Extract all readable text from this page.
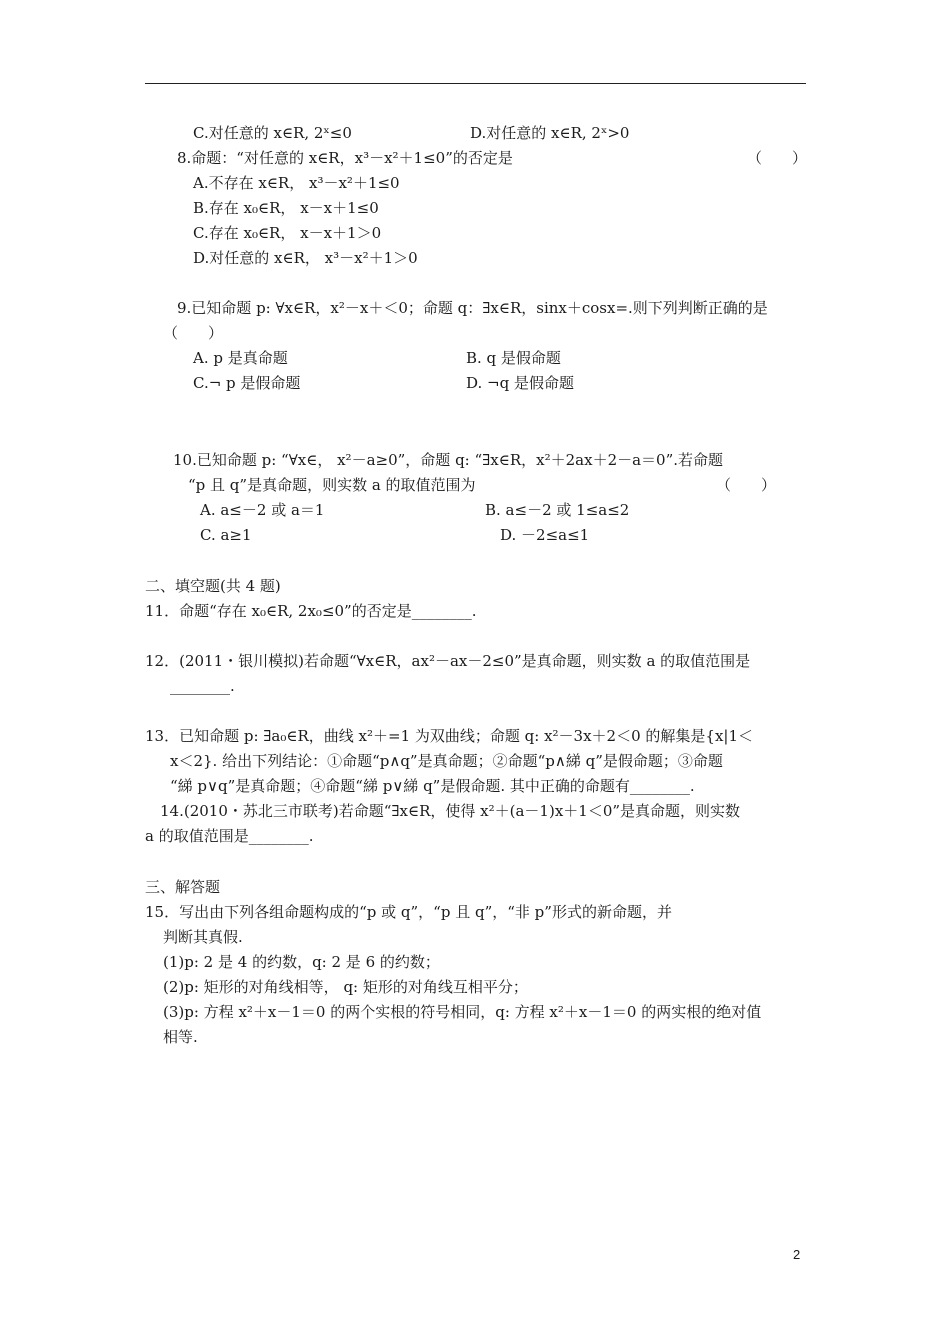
C.对任意的 x∈R, 2ˣ≤0	D.对任意的 x∈R, 2ˣ>0
8.命题：“对任意的 x∈R，x³－x²＋1≤0”的否定是	（　　）
A.不存在 x∈R， x³－x²＋1≤0
B.存在 x₀∈R， x－x＋1≤0
C.存在 x₀∈R， x－x＋1＞0
D.对任意的 x∈R， x³－x²＋1＞0
9.已知命题 p: ∀x∈R，x²－x＋＜0；命题 q：∃x∈R，sinx＋cosx=.则下列判断正确的是
（　　）
A. p 是真命题	B. q 是假命题
C.¬ p 是假命题	D. ¬q 是假命题
10.已知命题 p: “∀x∈， x²－a≥0”，命题 q: “∃x∈R，x²＋2ax＋2－a＝0”.若命题
“p 且 q”是真命题，则实数 a 的取值范围为	（　　）
A. a≤－2 或 a＝1	B. a≤－2 或 1≤a≤2
C. a≥1	D. －2≤a≤1
二、填空题(共 4 题)
11．命题“存在 x₀∈R, 2x₀≤0”的否定是________.
12．(2011・银川模拟)若命题“∀x∈R，ax²－ax－2≤0”是真命题，则实数 a 的取值范围是
________.
13．已知命题 p: ∃a₀∈R，曲线 x²＋=1 为双曲线；命题 q: x²－3x＋2＜0 的解集是{x|1＜
x＜2}. 给出下列结论：①命题“p∧q”是真命题；②命题“p∧綈 q”是假命题；③命题
“綈 p∨q”是真命题；④命题“綈 p∨綈 q”是假命题. 其中正确的命题有________.
14.(2010・苏北三市联考)若命题“∃x∈R，使得 x²＋(a－1)x＋1＜0”是真命题，则实数
a 的取值范围是________.
三、解答题
15．写出由下列各组命题构成的“p 或 q”，“p 且 q”，“非 p”形式的新命题，并
判断其真假.
(1)p: 2 是 4 的约数，q: 2 是 6 的约数；
(2)p: 矩形的对角线相等， q: 矩形的对角线互相平分；
(3)p: 方程 x²＋x－1＝0 的两个实根的符号相同，q: 方程 x²＋x－1＝0 的两实根的绝对值
相等.
2
